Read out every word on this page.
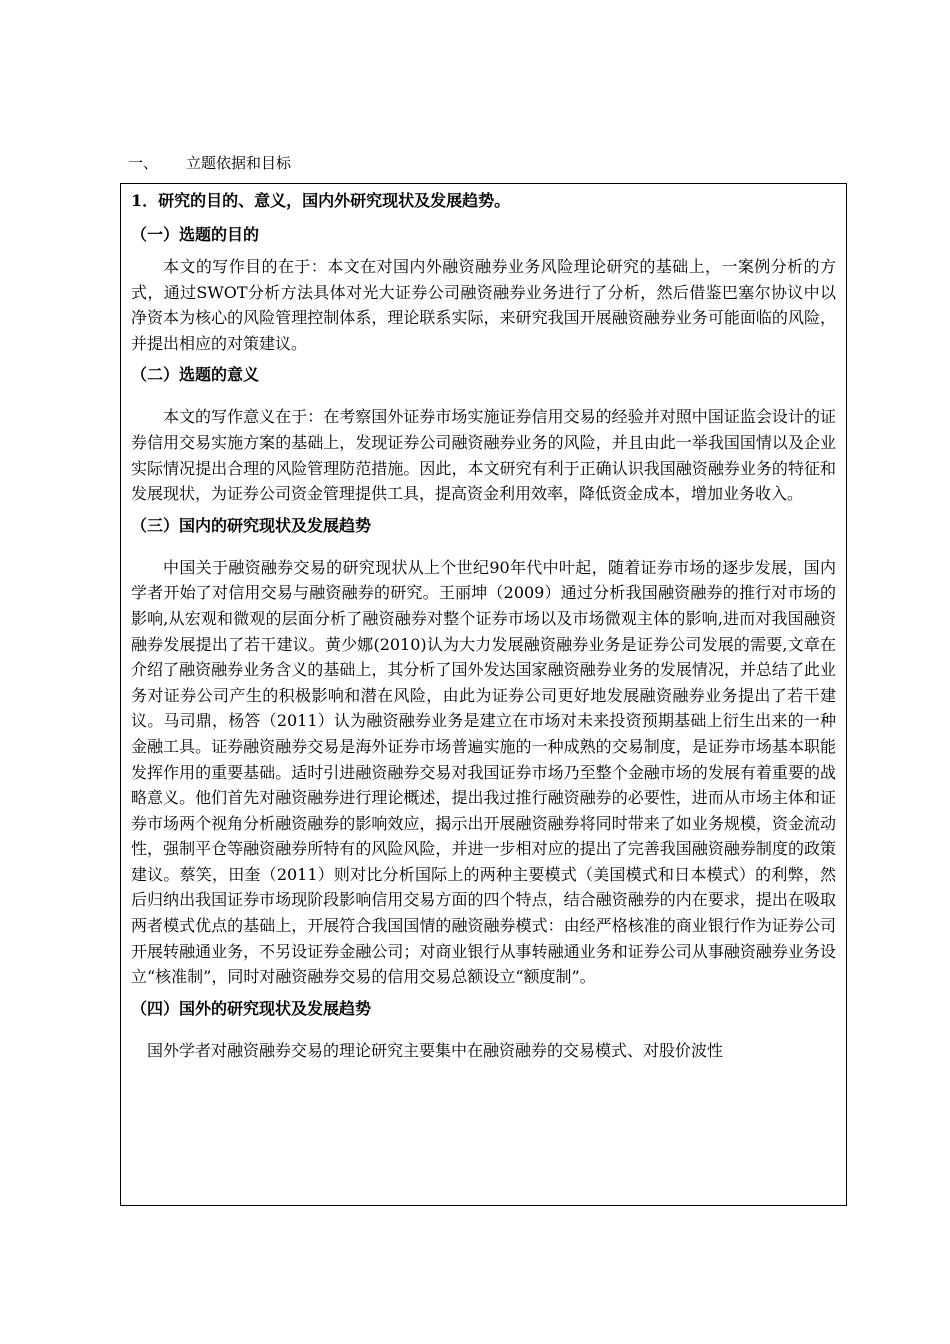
一、 立题依据和目标
1．研究的目的、意义，国内外研究现状及发展趋势。
（一）选题的目的

本文的写作目的在于：本文在对国内外融资融券业务风险理论研究的基础上，一案例分析的方式，通过SWOT分析方法具体对光大证券公司融资融券业务进行了分析，然后借鉴巴塞尔协议中以净资本为核心的风险管理控制体系，理论联系实际，来研究我国开展融资融券业务可能面临的风险，并提出相应的对策建议。

（二）选题的意义

本文的写作意义在于：在考察国外证券市场实施证券信用交易的经验并对照中国证监会设计的证券信用交易实施方案的基础上，发现证券公司融资融券业务的风险，并且由此一举我国国情以及企业实际情况提出合理的风险管理防范措施。因此，本文研究有利于正确认识我国融资融券业务的特征和发展现状，为证券公司资金管理提供工具，提高资金利用效率，降低资金成本，增加业务收入。

（三）国内的研究现状及发展趋势

中国关于融资融券交易的研究现状从上个世纪90年代中叶起，随着证券市场的逐步发展，国内学者开始了对信用交易与融资融券的研究。王丽坤（2009）通过分析我国融资融券的推行对市场的影响,从宏观和微观的层面分析了融资融券对整个证券市场以及市场微观主体的影响,进而对我国融资融券发展提出了若干建议。黄少娜(2010)认为大力发展融资融券业务是证券公司发展的需要,文章在介绍了融资融券业务含义的基础上，其分析了国外发达国家融资融券业务的发展情况，并总结了此业务对证券公司产生的积极影响和潜在风险，由此为证券公司更好地发展融资融券业务提出了若干建议。马司鼎，杨答（2011）认为融资融券业务是建立在市场对未来投资预期基础上衍生出来的一种金融工具。证券融资融券交易是海外证券市场普遍实施的一种成熟的交易制度，是证券市场基本职能发挥作用的重要基础。适时引进融资融券交易对我国证券市场乃至整个金融市场的发展有着重要的战略意义。他们首先对融资融券进行理论概述，提出我过推行融资融券的必要性，进而从市场主体和证券市场两个视角分析融资融券的影响效应，揭示出开展融资融券将同时带来了如业务规模，资金流动性，强制平仓等融资融券所特有的风险风险，并进一步相对应的提出了完善我国融资融券制度的政策建议。蔡笑，田奎（2011）则对比分析国际上的两种主要模式（美国模式和日本模式）的利弊，然后归纳出我国证券市场现阶段影响信用交易方面的四个特点，结合融资融券的内在要求，提出在吸取两者模式优点的基础上，开展符合我国国情的融资融券模式：由经严格核准的商业银行作为证券公司开展转融通业务，不另设证券金融公司；对商业银行从事转融通业务和证券公司从事融资融券业务设立“核准制”，同时对融资融券交易的信用交易总额设立“额度制”。

（四）国外的研究现状及发展趋势

国外学者对融资融券交易的理论研究主要集中在融资融券的交易模式、对股价波性
